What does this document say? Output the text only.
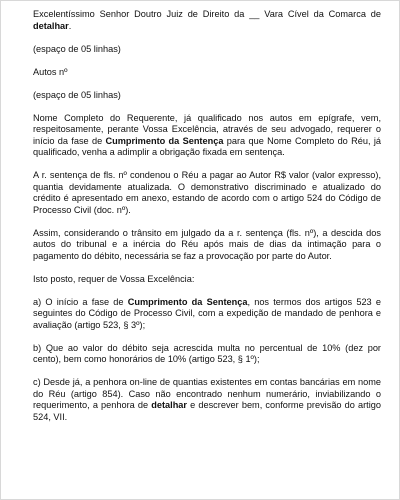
Excelentíssimo Senhor Doutro Juiz de Direito da __ Vara Cível da Comarca de detalhar.

(espaço de 05 linhas)

Autos nº

(espaço de 05 linhas)

Nome Completo do Requerente, já qualificado nos autos em epígrafe, vem, respeitosamente, perante Vossa Excelência, através de seu advogado, requerer o início da fase de Cumprimento da Sentença para que Nome Completo do Réu, já qualificado, venha a adimplir a obrigação fixada em sentença.

A r. sentença de fls. nº condenou o Réu a pagar ao Autor R$ valor (valor expresso), quantia devidamente atualizada. O demonstrativo discriminado e atualizado do crédito é apresentado em anexo, estando de acordo com o artigo 524 do Código de Processo Civil (doc. nº).

Assim, considerando o trânsito em julgado da a r. sentença (fls. nº), a descida dos autos do tribunal e a inércia do Réu após mais de dias da intimação para o pagamento do débito, necessária se faz a provocação por parte do Autor.

Isto posto, requer de Vossa Excelência:

a) O início a fase de Cumprimento da Sentença, nos termos dos artigos 523 e seguintes do Código de Processo Civil, com a expedição de mandado de penhora e avaliação (artigo 523, § 3º);

b) Que ao valor do débito seja acrescida multa no percentual de 10% (dez por cento), bem como honorários de 10% (artigo 523, § 1º);

c) Desde já, a penhora on-line de quantias existentes em contas bancárias em nome do Réu (artigo 854). Caso não encontrado nenhum numerário, inviabilizando o requerimento, a penhora de detalhar e descrever bem, conforme previsão do artigo 524, VII.
